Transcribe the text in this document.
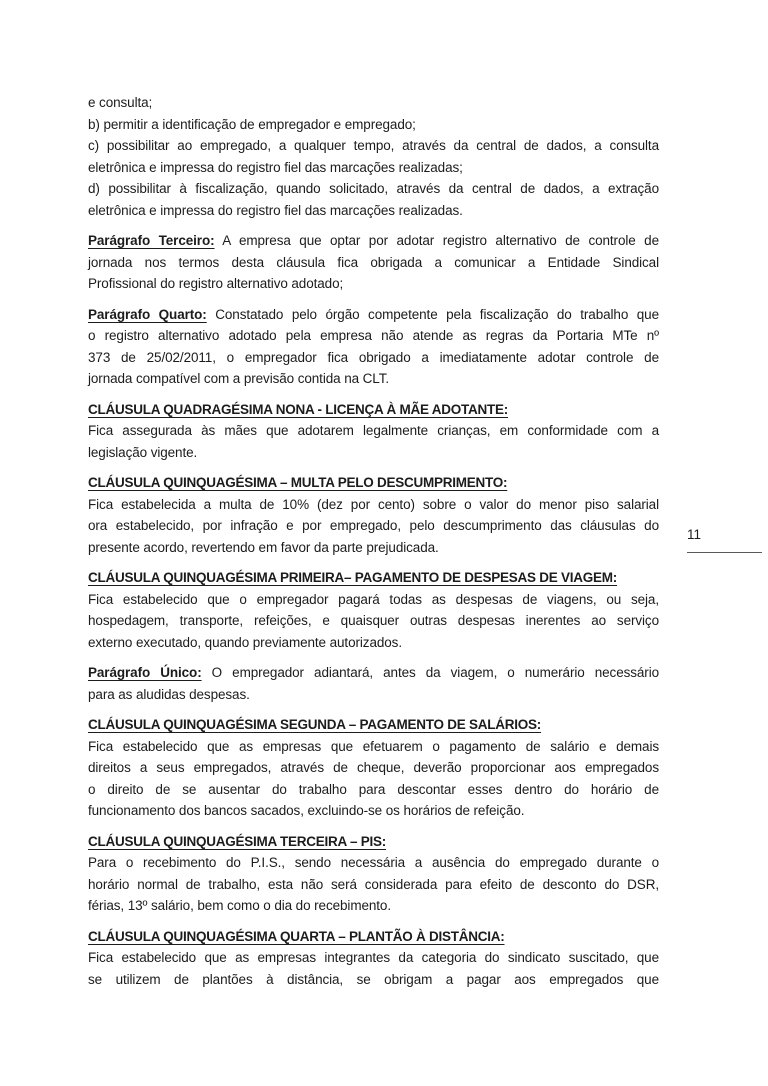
e consulta;
b) permitir a identificação de empregador e empregado;
c) possibilitar ao empregado, a qualquer tempo, através da central de dados, a consulta
eletrônica e impressa do registro fiel das marcações realizadas;
d) possibilitar à fiscalização, quando solicitado, através da central de dados, a extração
eletrônica e impressa do registro fiel das marcações realizadas.
Parágrafo Terceiro: A empresa que optar por adotar registro alternativo de controle de
jornada nos termos desta cláusula fica obrigada a comunicar a Entidade Sindical
Profissional do registro alternativo adotado;
Parágrafo Quarto: Constatado pelo órgão competente pela fiscalização do trabalho que
o registro alternativo adotado pela empresa não atende as regras da Portaria MTe nº
373 de 25/02/2011, o empregador fica obrigado a imediatamente adotar controle de
jornada compatível com a previsão contida na CLT.
CLÁUSULA QUADRAGÉSIMA NONA - LICENÇA À MÃE ADOTANTE:
Fica assegurada às mães que adotarem legalmente crianças, em conformidade com a
legislação vigente.
CLÁUSULA QUINQUAGÉSIMA – MULTA PELO DESCUMPRIMENTO:
Fica estabelecida a multa de 10% (dez por cento) sobre o valor do menor piso salarial
ora estabelecido, por infração e por empregado, pelo descumprimento das cláusulas do
presente acordo, revertendo em favor da parte prejudicada.
CLÁUSULA QUINQUAGÉSIMA PRIMEIRA– PAGAMENTO DE DESPESAS DE VIAGEM:
Fica estabelecido que o empregador pagará todas as despesas de viagens, ou seja,
hospedagem, transporte, refeições, e quaisquer outras despesas inerentes ao serviço
externo executado, quando previamente autorizados.
Parágrafo Único: O empregador adiantará, antes da viagem, o numerário necessário
para as aludidas despesas.
CLÁUSULA QUINQUAGÉSIMA SEGUNDA – PAGAMENTO DE SALÁRIOS:
Fica estabelecido que as empresas que efetuarem o pagamento de salário e demais
direitos a seus empregados, através de cheque, deverão proporcionar aos empregados
o direito de se ausentar do trabalho para descontar esses dentro do horário de
funcionamento dos bancos sacados, excluindo-se os horários de refeição.
CLÁUSULA QUINQUAGÉSIMA TERCEIRA – PIS:
Para o recebimento do P.I.S., sendo necessária a ausência do empregado durante o
horário normal de trabalho, esta não será considerada para efeito de desconto do DSR,
férias, 13º salário, bem como o dia do recebimento.
CLÁUSULA QUINQUAGÉSIMA QUARTA – PLANTÃO À DISTÂNCIA:
Fica estabelecido que as empresas integrantes da categoria do sindicato suscitado, que
se utilizem de plantões à distância, se obrigam a pagar aos empregados que
11
